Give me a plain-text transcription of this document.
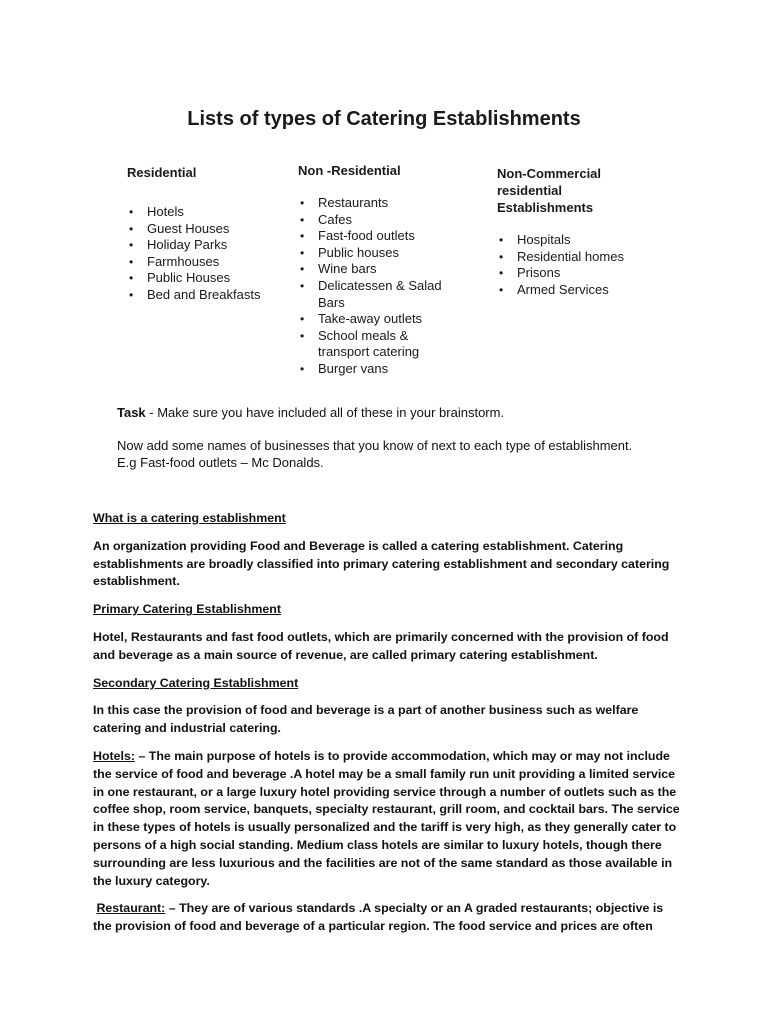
Lists of types of Catering Establishments
Residential
• Hotels
• Guest Houses
• Holiday Parks
• Farmhouses
• Public Houses
• Bed and Breakfasts
Non -Residential
• Restaurants
• Cafes
• Fast-food outlets
• Public houses
• Wine bars
• Delicatessen & Salad Bars
• Take-away outlets
• School meals & transport catering
• Burger vans
Non-Commercial residential Establishments
• Hospitals
• Residential homes
• Prisons
• Armed Services

Task - Make sure you have included all of these in your brainstorm.

Now add some names of businesses that you know of next to each type of establishment.
E.g Fast-food outlets – Mc Donalds.

What is a catering establishment

An organization providing Food and Beverage is called a catering establishment. Catering establishments are broadly classified into primary catering establishment and secondary catering establishment.

Primary Catering Establishment

Hotel, Restaurants and fast food outlets, which are primarily concerned with the provision of food and beverage as a main source of revenue, are called primary catering establishment.

Secondary Catering Establishment

In this case the provision of food and beverage is a part of another business such as welfare catering and industrial catering.

Hotels: – The main purpose of hotels is to provide accommodation, which may or may not include the service of food and beverage .A hotel may be a small family run unit providing a limited service in one restaurant, or a large luxury hotel providing service through a number of outlets such as the coffee shop, room service, banquets, specialty restaurant, grill room, and cocktail bars. The service in these types of hotels is usually personalized and the tariff is very high, as they generally cater to persons of a high social standing. Medium class hotels are similar to luxury hotels, though there surrounding are less luxurious and the facilities are not of the same standard as those available in the luxury category.

Restaurant: – They are of various standards .A specialty or an A graded restaurants; objective is the provision of food and beverage of a particular region. The food service and prices are often
